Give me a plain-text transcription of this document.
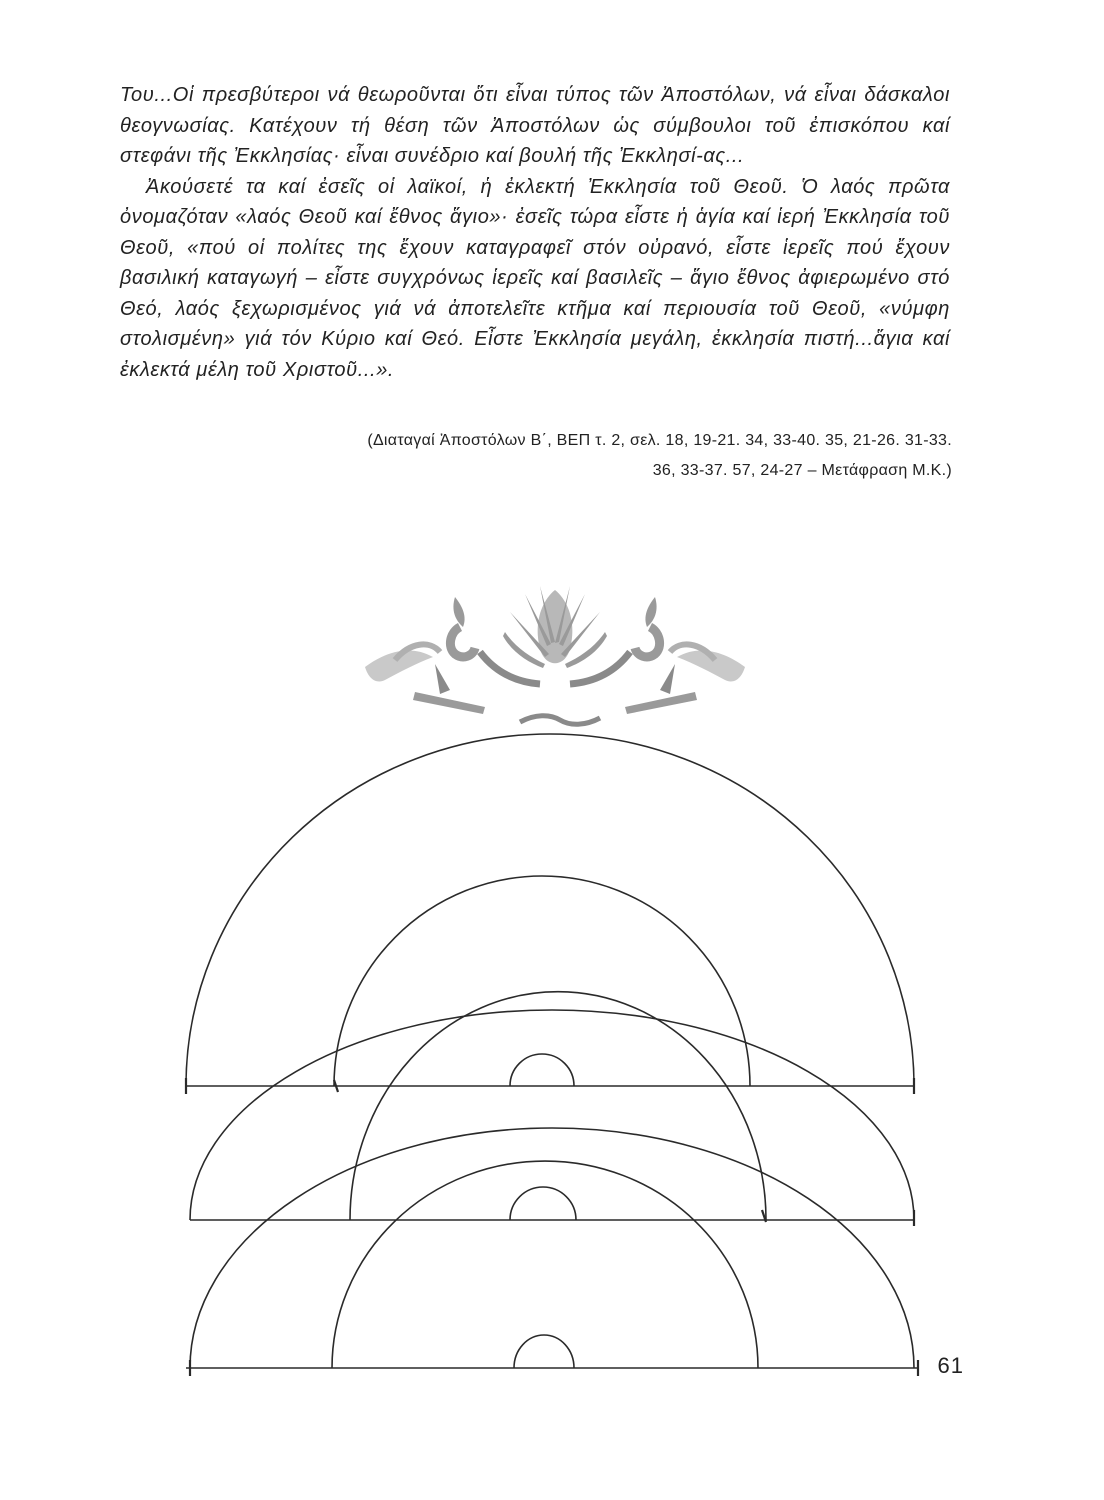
Του...Οἱ πρεσβύτεροι νά θεωροῦνται ὅτι εἶναι τύπος τῶν Ἀποστόλων, νά εἶναι δάσκαλοι θεογνωσίας. Κατέχουν τή θέση τῶν Ἀποστόλων ὡς σύμβουλοι τοῦ ἐπισκόπου καί στεφάνι τῆς Ἐκκλησίας· εἶναι συνέδριο καί βουλή τῆς Ἐκκλησί-ας...

Ἀκούσετέ τα καί ἐσεῖς οἱ λαϊκοί, ἡ ἐκλεκτή Ἐκκλησία τοῦ Θεοῦ. Ὁ λαός πρῶτα ὀνομαζόταν «λαός Θεοῦ καί ἔθνος ἅγιο»· ἐσεῖς τώρα εἶστε ἡ ἁγία καί ἱερή Ἐκκλησία τοῦ Θεοῦ, «πού οἱ πολίτες της ἔχουν καταγραφεῖ στόν οὐρανό, εἶστε ἱερεῖς πού ἔχουν βασιλική καταγωγή – εἶστε συγχρόνως ἱερεῖς καί βασιλεῖς – ἅγιο ἔθνος ἀφιερωμένο στό Θεό, λαός ξεχωρισμένος γιά νά ἀποτελεῖτε κτῆμα καί περιουσία τοῦ Θεοῦ, «νύμφη στολισμένη» γιά τόν Κύριο καί Θεό. Εἶστε Ἐκκλησία μεγάλη, ἐκκλησία πιστή...ἅγια καί ἐκλεκτά μέλη τοῦ Χριστοῦ...».

(Διαταγαί Ἀποστόλων Β΄, ΒΕΠ τ. 2, σελ. 18, 19-21. 34, 33-40. 35, 21-26. 31-33.
36, 33-37. 57, 24-27 – Μετάφραση Μ.Κ.)
61
